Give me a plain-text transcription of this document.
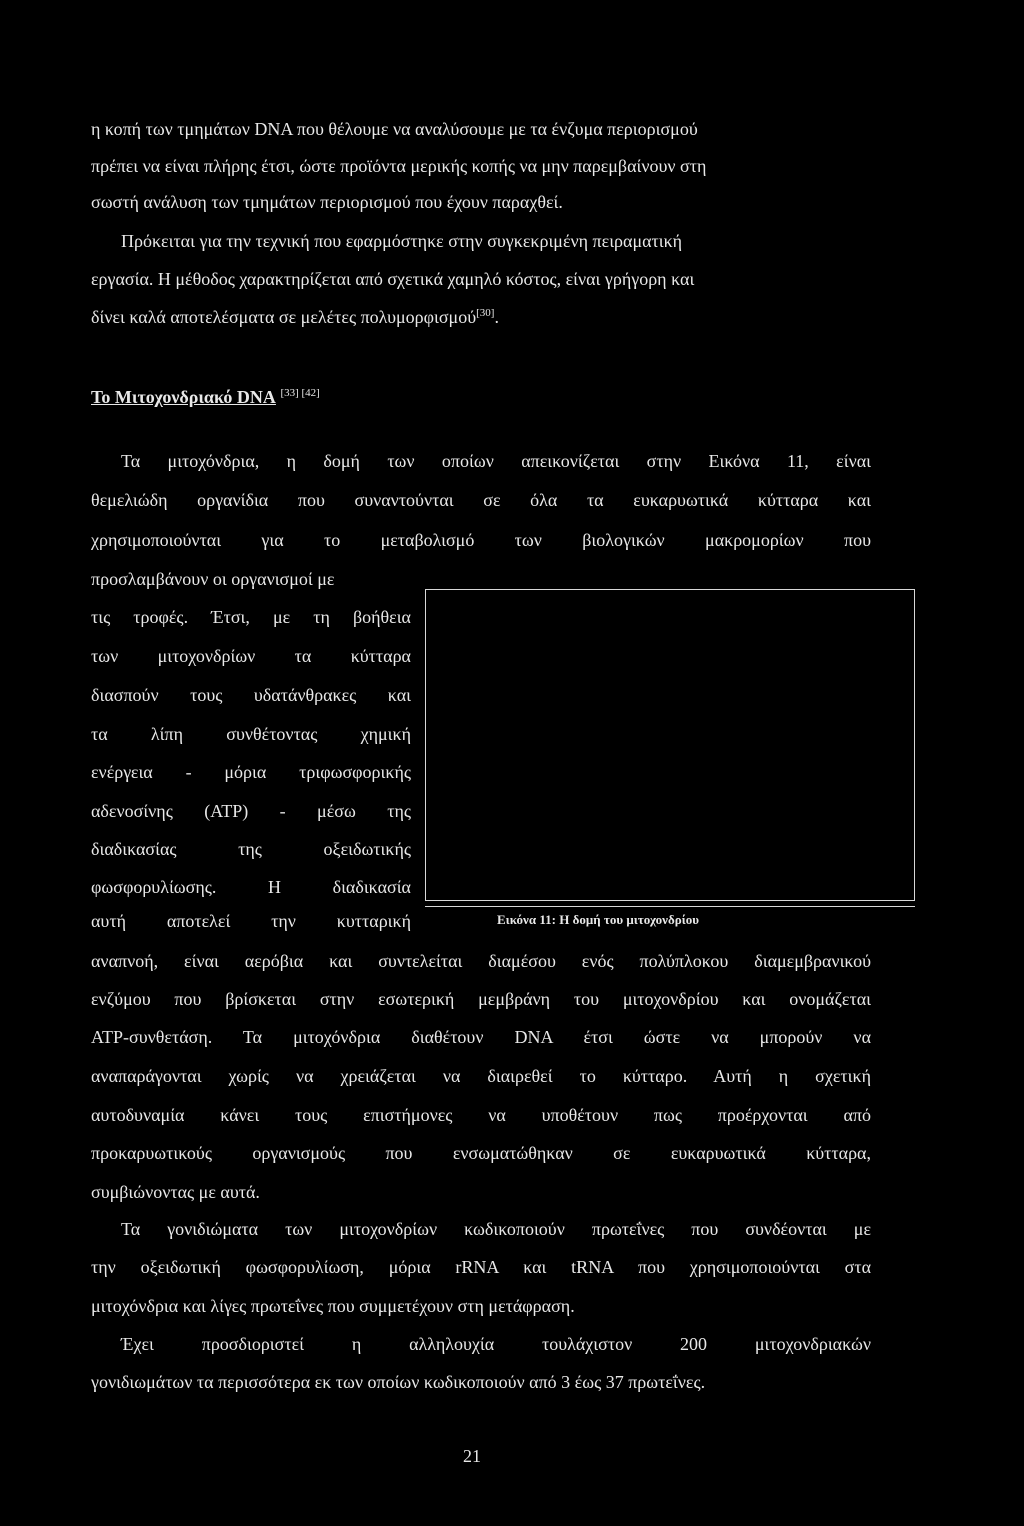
η κοπή των τμημάτων DNA που θέλουμε να αναλύσουμε με τα ένζυμα περιορισμού
πρέπει να είναι πλήρης έτσι, ώστε προϊόντα μερικής κοπής να μην παρεμβαίνουν στη
σωστή ανάλυση των τμημάτων περιορισμού που έχουν παραχθεί.
Πρόκειται για την τεχνική που εφαρμόστηκε στην συγκεκριμένη πειραματική
εργασία. Η μέθοδος χαρακτηρίζεται από σχετικά χαμηλό κόστος, είναι γρήγορη και
δίνει καλά αποτελέσματα σε μελέτες πολυμορφισμού[30].
Το Μιτοχονδριακό DNA [33] [42]
Τα μιτοχόνδρια, η δομή των οποίων απεικονίζεται στην Εικόνα 11, είναι
θεμελιώδη οργανίδια που συναντούνται σε όλα τα ευκαρυωτικά κύτταρα και
χρησιμοποιούνται για το μεταβολισμό των βιολογικών μακρομορίων που
προσλαμβάνουν οι οργανισμοί με
τις τροφές. Έτσι, με τη βοήθεια
των μιτοχονδρίων τα κύτταρα
διασπούν τους υδατάνθρακες και
τα λίπη συνθέτοντας χημική
ενέργεια - μόρια τριφωσφορικής
αδενοσίνης (ΑΤΡ) - μέσω της
διαδικασίας της οξειδωτικής
φωσφορυλίωσης. Η διαδικασία
αυτή αποτελεί την κυτταρική
αναπνοή, είναι αερόβια και συντελείται διαμέσου ενός πολύπλοκου διαμεμβρανικού
ενζύμου που βρίσκεται στην εσωτερική μεμβράνη του μιτοχονδρίου και ονομάζεται
ΑΤΡ-συνθετάση. Τα μιτοχόνδρια διαθέτουν DNA έτσι ώστε να μπορούν να
αναπαράγονται χωρίς να χρειάζεται να διαιρεθεί το κύτταρο. Αυτή η σχετική
αυτοδυναμία κάνει τους επιστήμονες να υποθέτουν πως προέρχονται από
προκαρυωτικούς οργανισμούς που ενσωματώθηκαν σε ευκαρυωτικά κύτταρα,
συμβιώνοντας με αυτά.
Εικόνα 11: Η δομή του μιτοχονδρίου
Τα γονιδιώματα των μιτοχονδρίων κωδικοποιούν πρωτεΐνες που συνδέονται με
την οξειδωτική φωσφορυλίωση, μόρια rRNA και tRNA που χρησιμοποιούνται στα
μιτοχόνδρια και λίγες πρωτεΐνες που συμμετέχουν στη μετάφραση.
Έχει προσδιοριστεί η αλληλουχία τουλάχιστον 200 μιτοχονδριακών
γονιδιωμάτων τα περισσότερα εκ των οποίων κωδικοποιούν από 3 έως 37 πρωτεΐνες.
21
